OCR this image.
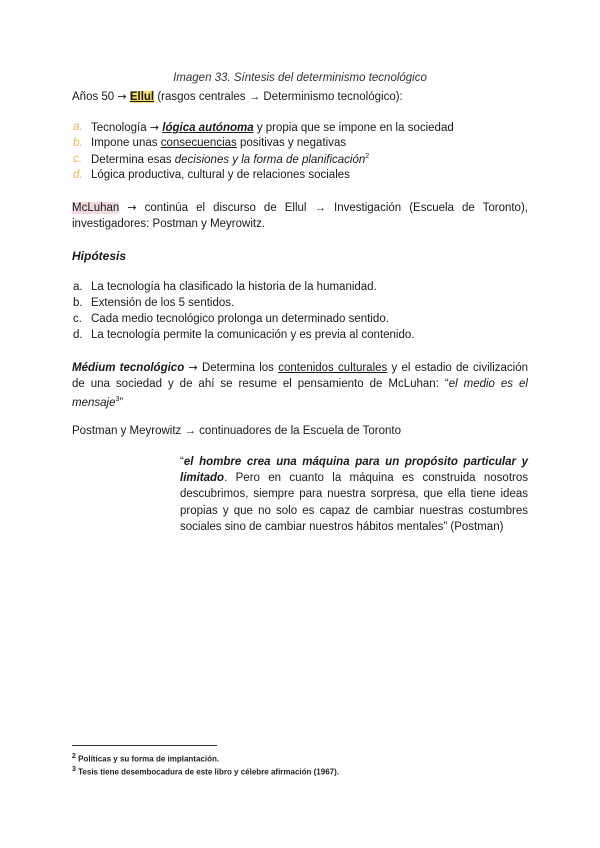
Imagen 33. Síntesis del determinismo tecnológico
Años 50 → Ellul (rasgos centrales → Determinismo tecnológico):
a. Tecnología → lógica autónoma y propia que se impone en la sociedad
b. Impone unas consecuencias positivas y negativas
c. Determina esas decisiones y la forma de planificación$^2$
d. Lógica productiva, cultural y de relaciones sociales
McLuhan → continúa el discurso de Ellul → Investigación (Escuela de Toronto), investigadores: Postman y Meyrowitz.
Hipótesis
a. La tecnología ha clasificado la historia de la humanidad.
b. Extensión de los 5 sentidos.
c. Cada medio tecnológico prolonga un determinado sentido.
d. La tecnología permite la comunicación y es previa al contenido.
Médium tecnológico → Determina los contenidos culturales y el estadio de civilización de una sociedad y de ahí se resume el pensamiento de McLuhan: “el medio es el mensaje$^3$”
Postman y Meyrowitz → continuadores de la Escuela de Toronto
“el hombre crea una máquina para un propósito particular y limitado. Pero en cuanto la máquina es construida nosotros descubrimos, siempre para nuestra sorpresa, que ella tiene ideas propias y que no solo es capaz de cambiar nuestras costumbres sociales sino de cambiar nuestros hábitos mentales” (Postman)
2 Políticas y su forma de implantación.
3 Tesis tiene desembocadura de este libro y célebre afirmación (1967).
